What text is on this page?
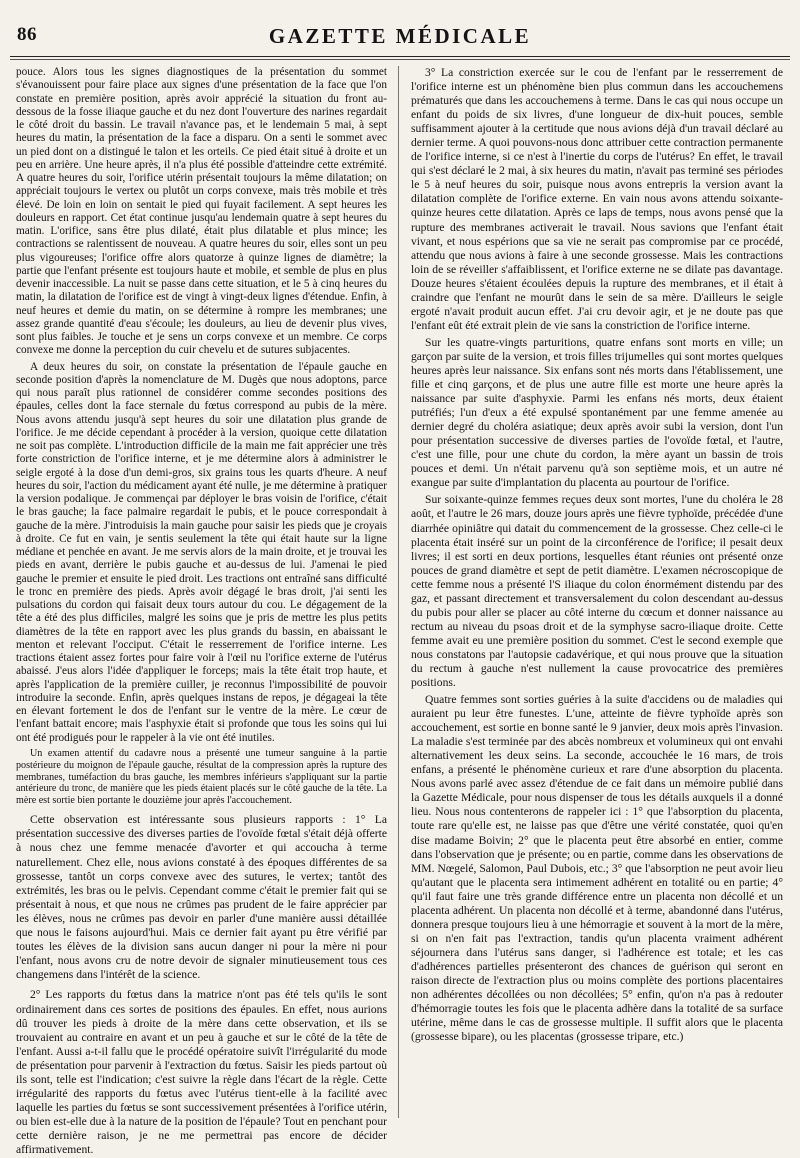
86	GAZETTE MÉDICALE

pouce. Alors tous les signes diagnostiques de la présentation du sommet s'évanouissent pour faire place aux signes d'une présentation de la face que l'on constate en première position, après avoir apprécié la situation du front au-dessous de la fosse iliaque gauche et du nez dont l'ouverture des narines regardait le côté droit du bassin. Le travail n'avance pas, et le lendemain 5 mai, à sept heures du matin, la présentation de la face a disparu. On a senti le sommet avec un pied dont on a distingué le talon et les orteils. Ce pied était situé à droite et un peu en arrière. Une heure après, il n'a plus été possible d'atteindre cette extrémité. A quatre heures du soir, l'orifice utérin présentait toujours la même dilatation; on appréciait toujours le vertex ou plutôt un corps convexe, mais très mobile et très élevé. De loin en loin on sentait le pied qui fuyait facilement. A sept heures les douleurs en rapport. Cet état continue jusqu'au lendemain quatre à sept heures du matin. L'orifice, sans être plus dilaté, était plus dilatable et plus mince; les contractions se ralentissent de nouveau. A quatre heures du soir, elles sont un peu plus vigoureuses; l'orifice offre alors quatorze à quinze lignes de diamètre; la partie que l'enfant présente est toujours haute et mobile, et semble de plus en plus devenir inaccessible. La nuit se passe dans cette situation, et le 5 à cinq heures du matin, la dilatation de l'orifice est de vingt à vingt-deux lignes d'étendue. Enfin, à neuf heures et demie du matin, on se détermine à rompre les membranes; une assez grande quantité d'eau s'écoule; les douleurs, au lieu de devenir plus vives, sont plus faibles. Je touche et je sens un corps convexe et un membre. Ce corps convexe me donne la perception du cuir chevelu et de sutures subjacentes.

A deux heures du soir, on constate la présentation de l'épaule gauche en seconde position d'après la nomenclature de M. Dugès que nous adoptons, parce qui nous paraît plus rationnel de considérer comme secondes positions des épaules, celles dont la face sternale du fœtus correspond au pubis de la mère. Nous avons attendu jusqu'à sept heures du soir une dilatation plus grande de l'orifice. Je me décide cependant à procéder à la version, quoique cette dilatation ne soit pas complète. L'introduction difficile de la main me fait apprécier une très forte constriction de l'orifice interne, et je me détermine alors à administrer le seigle ergoté à la dose d'un demi-gros, six grains tous les quarts d'heure. A neuf heures du soir, l'action du médicament ayant été nulle, je me détermine à pratiquer la version podalique. Je commençai par déployer le bras voisin de l'orifice, c'était le bras gauche; la face palmaire regardait le pubis, et le pouce correspondait à gauche de la mère. J'introduisis la main gauche pour saisir les pieds que je croyais à droite. Ce fut en vain, je sentis seulement la tête qui était haute sur la ligne médiane et penchée en avant. Je me servis alors de la main droite, et je trouvai les pieds en avant, derrière le pubis gauche et au-dessus de lui. J'amenai le pied gauche le premier et ensuite le pied droit. Les tractions ont entraîné sans difficulté le tronc en première des pieds. Après avoir dégagé le bras droit, j'ai senti les pulsations du cordon qui faisait deux tours autour du cou. Le dégagement de la tête a été des plus difficiles, malgré les soins que je pris de mettre les plus petits diamètres de la tête en rapport avec les plus grands du bassin, en abaissant le menton et relevant l'occiput. C'était le resserrement de l'orifice interne. Les tractions étaient assez fortes pour faire voir à l'œil nu l'orifice externe de l'utérus abaissé. J'eus alors l'idée d'appliquer le forceps; mais la tête était trop haute, et après l'application de la première cuiller, je reconnus l'impossibilité de pouvoir introduire la seconde. Enfin, après quelques instans de repos, je dégageai la tête en élevant fortement le dos de l'enfant sur le ventre de la mère. Le cœur de l'enfant battait encore; mais l'asphyxie était si profonde que tous les soins qui lui ont été prodigués pour le rappeler à la vie ont été inutiles.

Un examen attentif du cadavre nous a présenté une tumeur sanguine à la partie postérieure du moignon de l'épaule gauche, résultat de la compression après la rupture des membranes, tuméfaction du bras gauche, les membres inférieurs s'appliquant sur la partie antérieure du tronc, de manière que les pieds étaient placés sur le côté gauche de la tête. La mère est sortie bien portante le douzième jour après l'accouchement.

Cette observation est intéressante sous plusieurs rapports : 1° La présentation successive des diverses parties de l'ovoïde fœtal s'était déjà offerte à nous chez une femme menacée d'avorter et qui accoucha à terme naturellement. Chez elle, nous avions constaté à des époques différentes de sa grossesse, tantôt un corps convexe avec des sutures, le vertex; tantôt des extrémités, les bras ou le pelvis. Cependant comme c'était le premier fait qui se présentait à nous, et que nous ne crûmes pas prudent de le faire apprécier par les élèves, nous ne crûmes pas devoir en parler d'une manière aussi détaillée que nous le faisons aujourd'hui. Mais ce dernier fait ayant pu être vérifié par toutes les élèves de la division sans aucun danger ni pour la mère ni pour l'enfant, nous avons cru de notre devoir de signaler minutieusement tous ces changemens dans l'intérêt de la science.

2° Les rapports du fœtus dans la matrice n'ont pas été tels qu'ils le sont ordinairement dans ces sortes de positions des épaules. En effet, nous aurions dû trouver les pieds à droite de la mère dans cette observation, et ils se trouvaient au contraire en avant et un peu à gauche et sur le côté de la tête de l'enfant. Aussi a-t-il fallu que le procédé opératoire suivît l'irrégularité du mode de présentation pour parvenir à l'extraction du fœtus. Saisir les pieds partout où ils sont, telle est l'indication; c'est suivre la règle dans l'écart de la règle. Cette irrégularité des rapports du fœtus avec l'utérus tient-elle à la facilité avec laquelle les parties du fœtus se sont successivement présentées à l'orifice utérin, ou bien est-elle due à la nature de la position de l'épaule? Tout en penchant pour cette dernière raison, je ne me permettrai pas encore de décider affirmativement.

3° La constriction exercée sur le cou de l'enfant par le resserrement de l'orifice interne est un phénomène bien plus commun dans les accouchemens prématurés que dans les accouchemens à terme. Dans le cas qui nous occupe un enfant du poids de six livres, d'une longueur de dix-huit pouces, semble suffisamment ajouter à la certitude que nous avions déjà d'un travail déclaré au dernier terme. A quoi pouvons-nous donc attribuer cette contraction permanente de l'orifice interne, si ce n'est à l'inertie du corps de l'utérus? En effet, le travail qui s'est déclaré le 2 mai, à six heures du matin, n'avait pas terminé ses périodes le 5 à neuf heures du soir, puisque nous avons entrepris la version avant la dilatation complète de l'orifice externe. En vain nous avons attendu soixante-quinze heures cette dilatation. Après ce laps de temps, nous avons pensé que la rupture des membranes activerait le travail. Nous savions que l'enfant était vivant, et nous espérions que sa vie ne serait pas compromise par ce procédé, attendu que nous avions à faire à une seconde grossesse. Mais les contractions loin de se réveiller s'affaiblissent, et l'orifice externe ne se dilate pas davantage. Douze heures s'étaient écoulées depuis la rupture des membranes, et il était à craindre que l'enfant ne mourût dans le sein de sa mère. D'ailleurs le seigle ergoté n'avait produit aucun effet. J'ai cru devoir agir, et je ne doute pas que l'enfant eût été extrait plein de vie sans la constriction de l'orifice interne.

Sur les quatre-vingts parturitions, quatre enfans sont morts en ville; un garçon par suite de la version, et trois filles trijumelles qui sont mortes quelques heures après leur naissance. Six enfans sont nés morts dans l'établissement, une fille et cinq garçons, et de plus une autre fille est morte une heure après la naissance par suite d'asphyxie. Parmi les enfans nés morts, deux étaient putréfiés; l'un d'eux a été expulsé spontanément par une femme amenée au dernier degré du choléra asiatique; deux après avoir subi la version, dont l'un pour présentation successive de diverses parties de l'ovoïde fœtal, et l'autre, c'est une fille, pour une chute du cordon, la mère ayant un bassin de trois pouces et demi. Un n'était parvenu qu'à son septième mois, et un autre né exangue par suite d'implantation du placenta au pourtour de l'orifice.

Sur soixante-quinze femmes reçues deux sont mortes, l'une du choléra le 28 août, et l'autre le 26 mars, douze jours après une fièvre typhoïde, précédée d'une diarrhée opiniâtre qui datait du commencement de la grossesse. Chez celle-ci le placenta était inséré sur un point de la circonférence de l'orifice; il pesait deux livres; il est sorti en deux portions, lesquelles étant réunies ont présenté onze pouces de grand diamètre et sept de petit diamètre. L'examen nécroscopique de cette femme nous a présenté l'S iliaque du colon énormément distendu par des gaz, et passant directement et transversalement du colon descendant au-dessus du pubis pour aller se placer au côté interne du cœcum et donner naissance au rectum au niveau du psoas droit et de la symphyse sacro-iliaque droite. Cette femme avait eu une première position du sommet. C'est le second exemple que nous constatons par l'autopsie cadavérique, et qui nous prouve que la situation du rectum à gauche n'est nullement la cause provocatrice des premières positions.

Quatre femmes sont sorties guéries à la suite d'accidens ou de maladies qui auraient pu leur être funestes. L'une, atteinte de fièvre typhoïde après son accouchement, est sortie en bonne santé le 9 janvier, deux mois après l'invasion. La maladie s'est terminée par des abcès nombreux et volumineux qui ont envahi alternativement les deux seins. La seconde, accouchée le 16 mars, de trois enfans, a présenté le phénomène curieux et rare d'une absorption du placenta. Nous avons parlé avec assez d'étendue de ce fait dans un mémoire publié dans la Gazette Médicale, pour nous dispenser de tous les détails auxquels il a donné lieu. Nous nous contenterons de rappeler ici : 1° que l'absorption du placenta, toute rare qu'elle est, ne laisse pas que d'être une vérité constatée, quoi qu'en dise madame Boivin; 2° que le placenta peut être absorbé en entier, comme dans l'observation que je présente; ou en partie, comme dans les observations de MM. Nœgelé, Salomon, Paul Dubois, etc.; 3° que l'absorption ne peut avoir lieu qu'autant que le placenta sera intimement adhérent en totalité ou en partie; 4° qu'il faut faire une très grande différence entre un placenta non décollé et un placenta adhérent. Un placenta non décollé et à terme, abandonné dans l'utérus, donnera presque toujours lieu à une hémorragie et souvent à la mort de la mère, si on n'en fait pas l'extraction, tandis qu'un placenta vraiment adhérent séjournera dans l'utérus sans danger, si l'adhérence est totale; et les cas d'adhérences partielles présenteront des chances de guérison qui seront en raison directe de l'extraction plus ou moins complète des portions placentaires non adhérentes décollées ou non décollées; 5° enfin, qu'on n'a pas à redouter d'hémorragie toutes les fois que le placenta adhère dans la totalité de sa surface utérine, même dans le cas de grossesse multiple. Il suffit alors que le placenta (grossesse bipare), ou les placentas (grossesse tripare, etc.)
